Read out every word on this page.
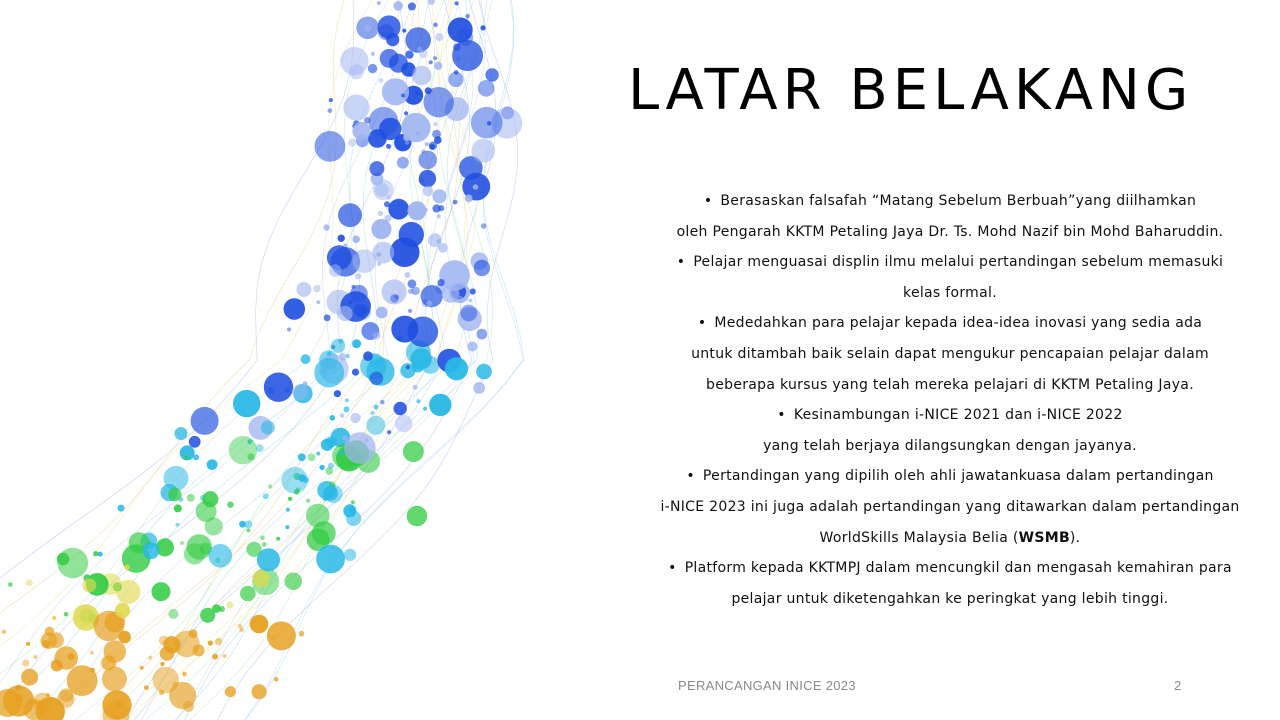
LATAR BELAKANG
• Berasaskan falsafah “Matang Sebelum Berbuah”yang diilhamkan
oleh Pengarah KKTM Petaling Jaya Dr. Ts. Mohd Nazif bin Mohd Baharuddin.
• Pelajar menguasai displin ilmu melalui pertandingan sebelum memasuki
kelas formal.
• Mededahkan para pelajar kepada idea-idea inovasi yang sedia ada
untuk ditambah baik selain dapat mengukur pencapaian pelajar dalam
beberapa kursus yang telah mereka pelajari di KKTM Petaling Jaya.
• Kesinambungan i-NICE 2021 dan i-NICE 2022
yang telah berjaya dilangsungkan dengan jayanya.
• Pertandingan yang dipilih oleh ahli jawatankuasa dalam pertandingan
i-NICE 2023 ini juga adalah pertandingan yang ditawarkan dalam pertandingan
WorldSkills Malaysia Belia (WSMB).
• Platform kepada KKTMPJ dalam mencungkil dan mengasah kemahiran para
pelajar untuk diketengahkan ke peringkat yang lebih tinggi.
PERANCANGAN INICE 2023	2
